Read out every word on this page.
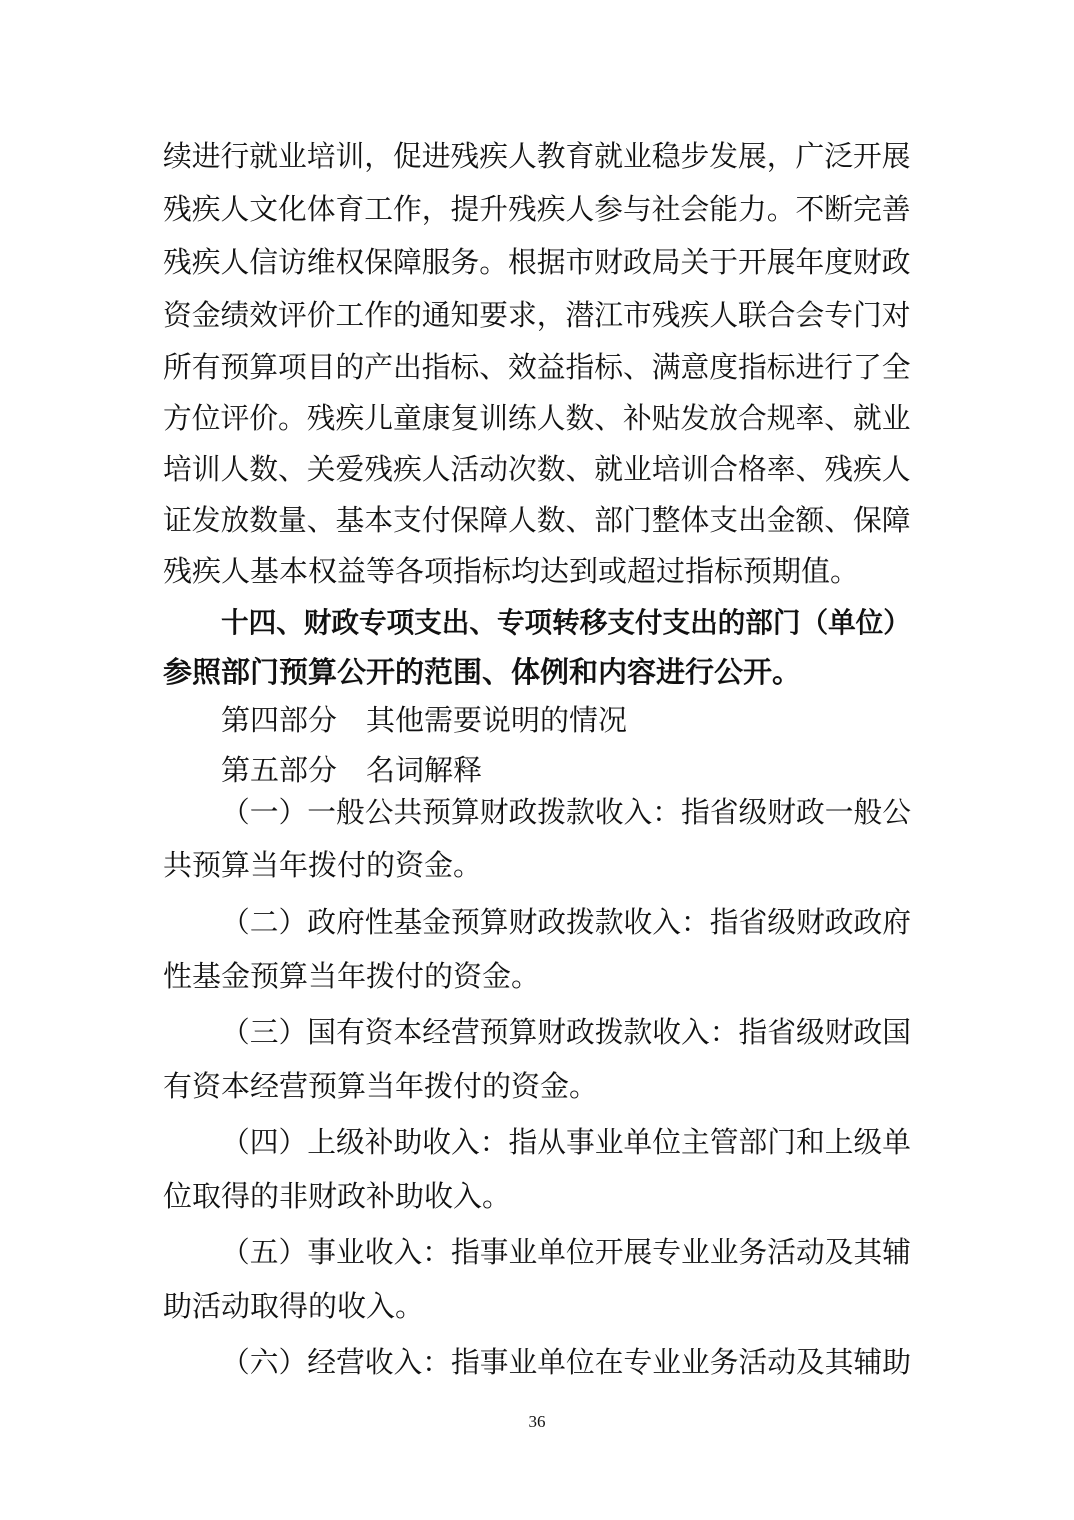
续进行就业培训，促进残疾人教育就业稳步发展，广泛开展
残疾人文化体育工作，提升残疾人参与社会能力。不断完善
残疾人信访维权保障服务。根据市财政局关于开展年度财政
资金绩效评价工作的通知要求，潜江市残疾人联合会专门对
所有预算项目的产出指标、效益指标、满意度指标进行了全
方位评价。残疾儿童康复训练人数、补贴发放合规率、就业
培训人数、关爱残疾人活动次数、就业培训合格率、残疾人
证发放数量、基本支付保障人数、部门整体支出金额、保障
残疾人基本权益等各项指标均达到或超过指标预期值。
十四、财政专项支出、专项转移支付支出的部门（单位）
参照部门预算公开的范围、体例和内容进行公开。
第四部分　其他需要说明的情况
第五部分　名词解释
（一）一般公共预算财政拨款收入：指省级财政一般公
共预算当年拨付的资金。
（二）政府性基金预算财政拨款收入：指省级财政政府
性基金预算当年拨付的资金。
（三）国有资本经营预算财政拨款收入：指省级财政国
有资本经营预算当年拨付的资金。
（四）上级补助收入：指从事业单位主管部门和上级单
位取得的非财政补助收入。
（五）事业收入：指事业单位开展专业业务活动及其辅
助活动取得的收入。
（六）经营收入：指事业单位在专业业务活动及其辅助
36
